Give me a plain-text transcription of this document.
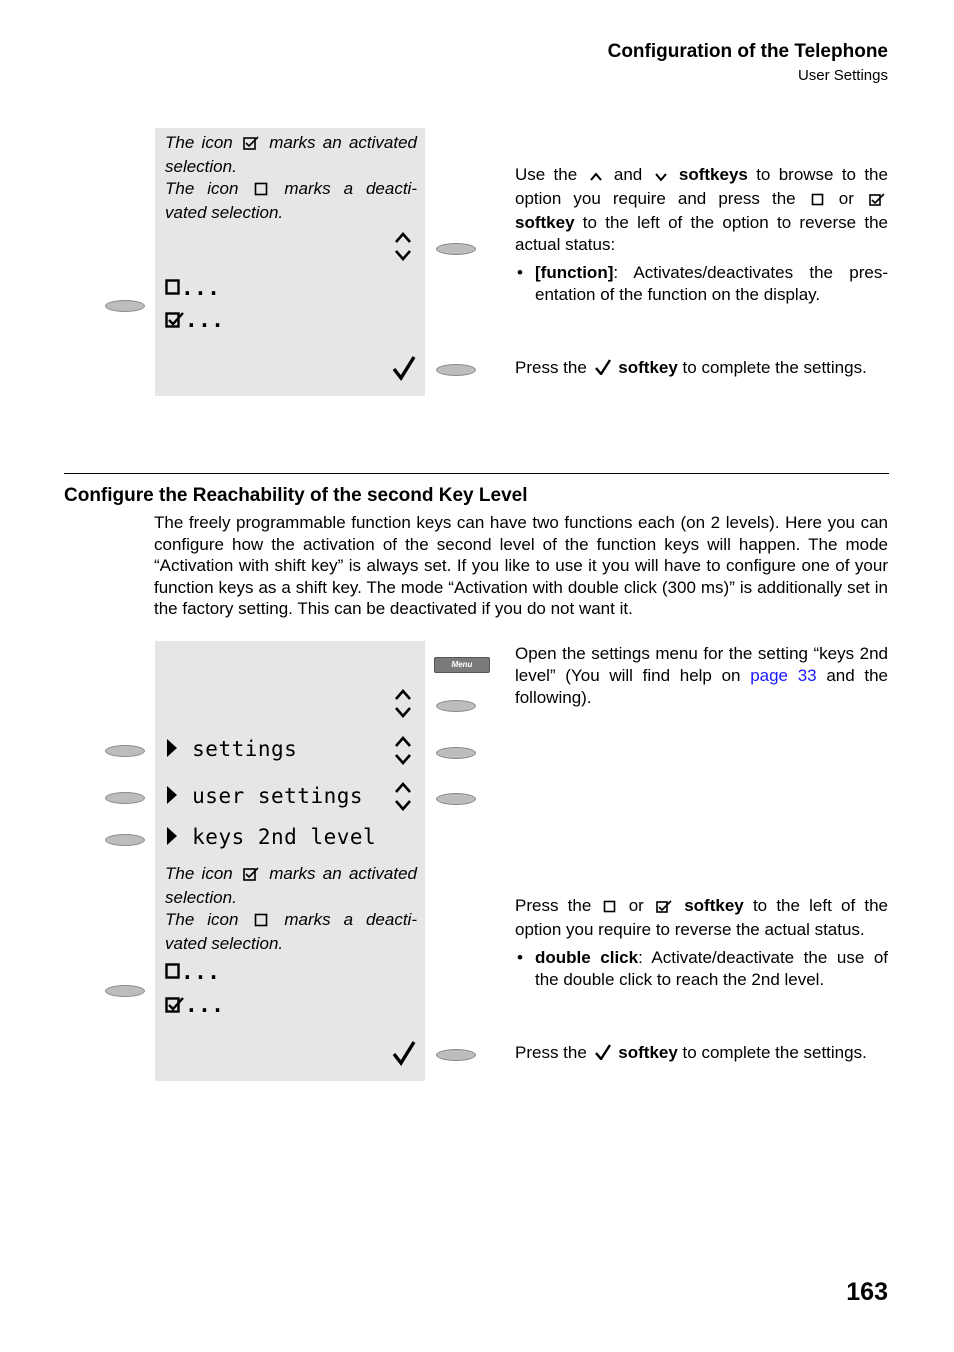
Configuration of the Telephone
User Settings
The icon marks an activated selection.
The icon	marks a deacti-vated selection.
...
...
Use the and softkeys to browse to the option you require and press the	or  softkey to the left of the option to reverse the actual status:
• [function]: Activates/deactivates the pres-entation of the function on the display.
Press the softkey to complete the settings.
Configure the Reachability of the second Key Level
The freely programmable function keys can have two functions each (on 2 levels). Here you can configure how the activation of the second level of the function keys will happen. The mode “Activation with shift key” is always set. If you like to use it you will have to configure one of your function keys as a shift key. The mode “Activation with double click (300 ms)” is additionally set in the factory setting. This can be deactivated if you do not want it.
Menu
settings
user settings
keys 2nd level
The icon marks an activated selection.
The icon	marks a deacti-vated selection.
...
...
Open the settings menu for the setting “keys 2nd level” (You will find help on page 33 and the following).
Press the or softkey to the left of the option you require to reverse the actual status.
• double click: Activate/deactivate the use of the double click to reach the 2nd level.
Press the softkey to complete the settings.
163
